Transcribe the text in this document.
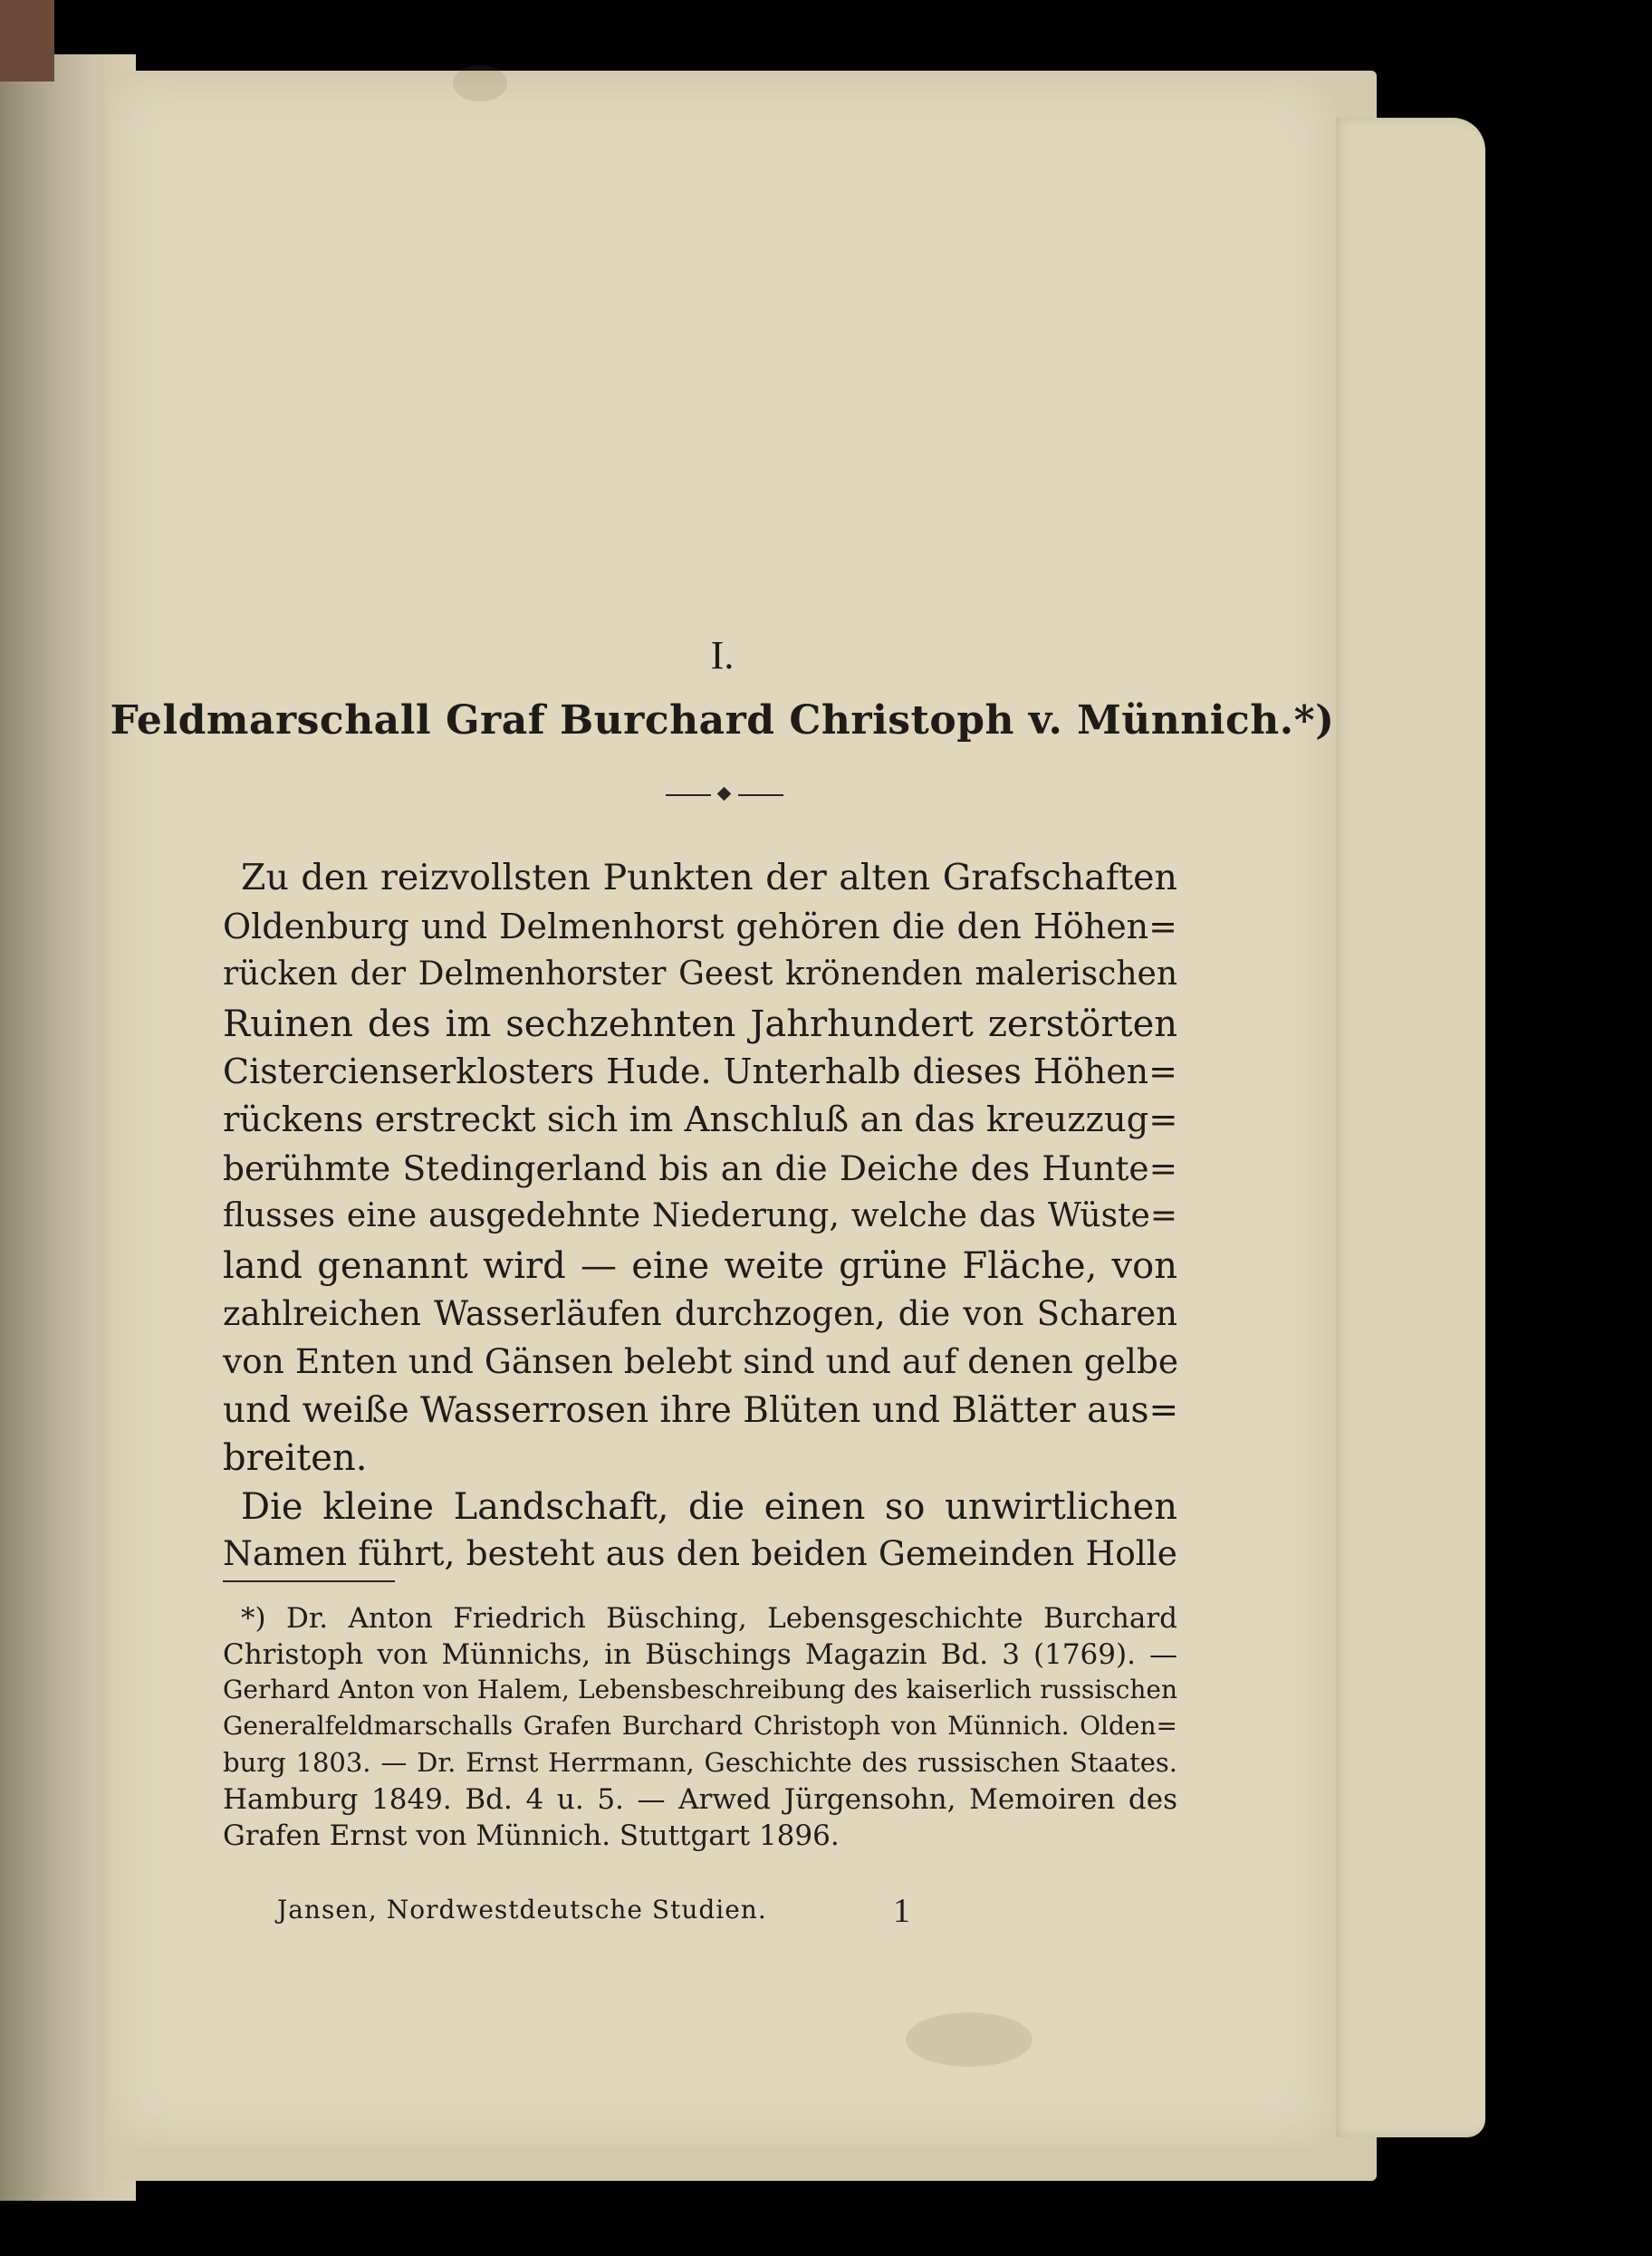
I.
Feldmarschall Graf Burchard Christoph v. Münnich.*)
Zu den reizvollsten Punkten der alten Grafschaften
Oldenburg und Delmenhorst gehören die den Höhen=
rücken der Delmenhorster Geest krönenden malerischen
Ruinen des im sechzehnten Jahrhundert zerstörten
Cistercienserklosters Hude. Unterhalb dieses Höhen=
rückens erstreckt sich im Anschluß an das kreuzzug=
berühmte Stedingerland bis an die Deiche des Hunte=
flusses eine ausgedehnte Niederung, welche das Wüste=
land genannt wird — eine weite grüne Fläche, von
zahlreichen Wasserläufen durchzogen, die von Scharen
von Enten und Gänsen belebt sind und auf denen gelbe
und weiße Wasserrosen ihre Blüten und Blätter aus=
breiten.
Die kleine Landschaft, die einen so unwirtlichen
Namen führt, besteht aus den beiden Gemeinden Holle
*) Dr. Anton Friedrich Büsching, Lebensgeschichte Burchard
Christoph von Münnichs, in Büschings Magazin Bd. 3 (1769). —
Gerhard Anton von Halem, Lebensbeschreibung des kaiserlich russischen
Generalfeldmarschalls Grafen Burchard Christoph von Münnich. Olden=
burg 1803. — Dr. Ernst Herrmann, Geschichte des russischen Staates.
Hamburg 1849. Bd. 4 u. 5. — Arwed Jürgensohn, Memoiren des
Grafen Ernst von Münnich. Stuttgart 1896.
Jansen, Nordwestdeutsche Studien.	1
